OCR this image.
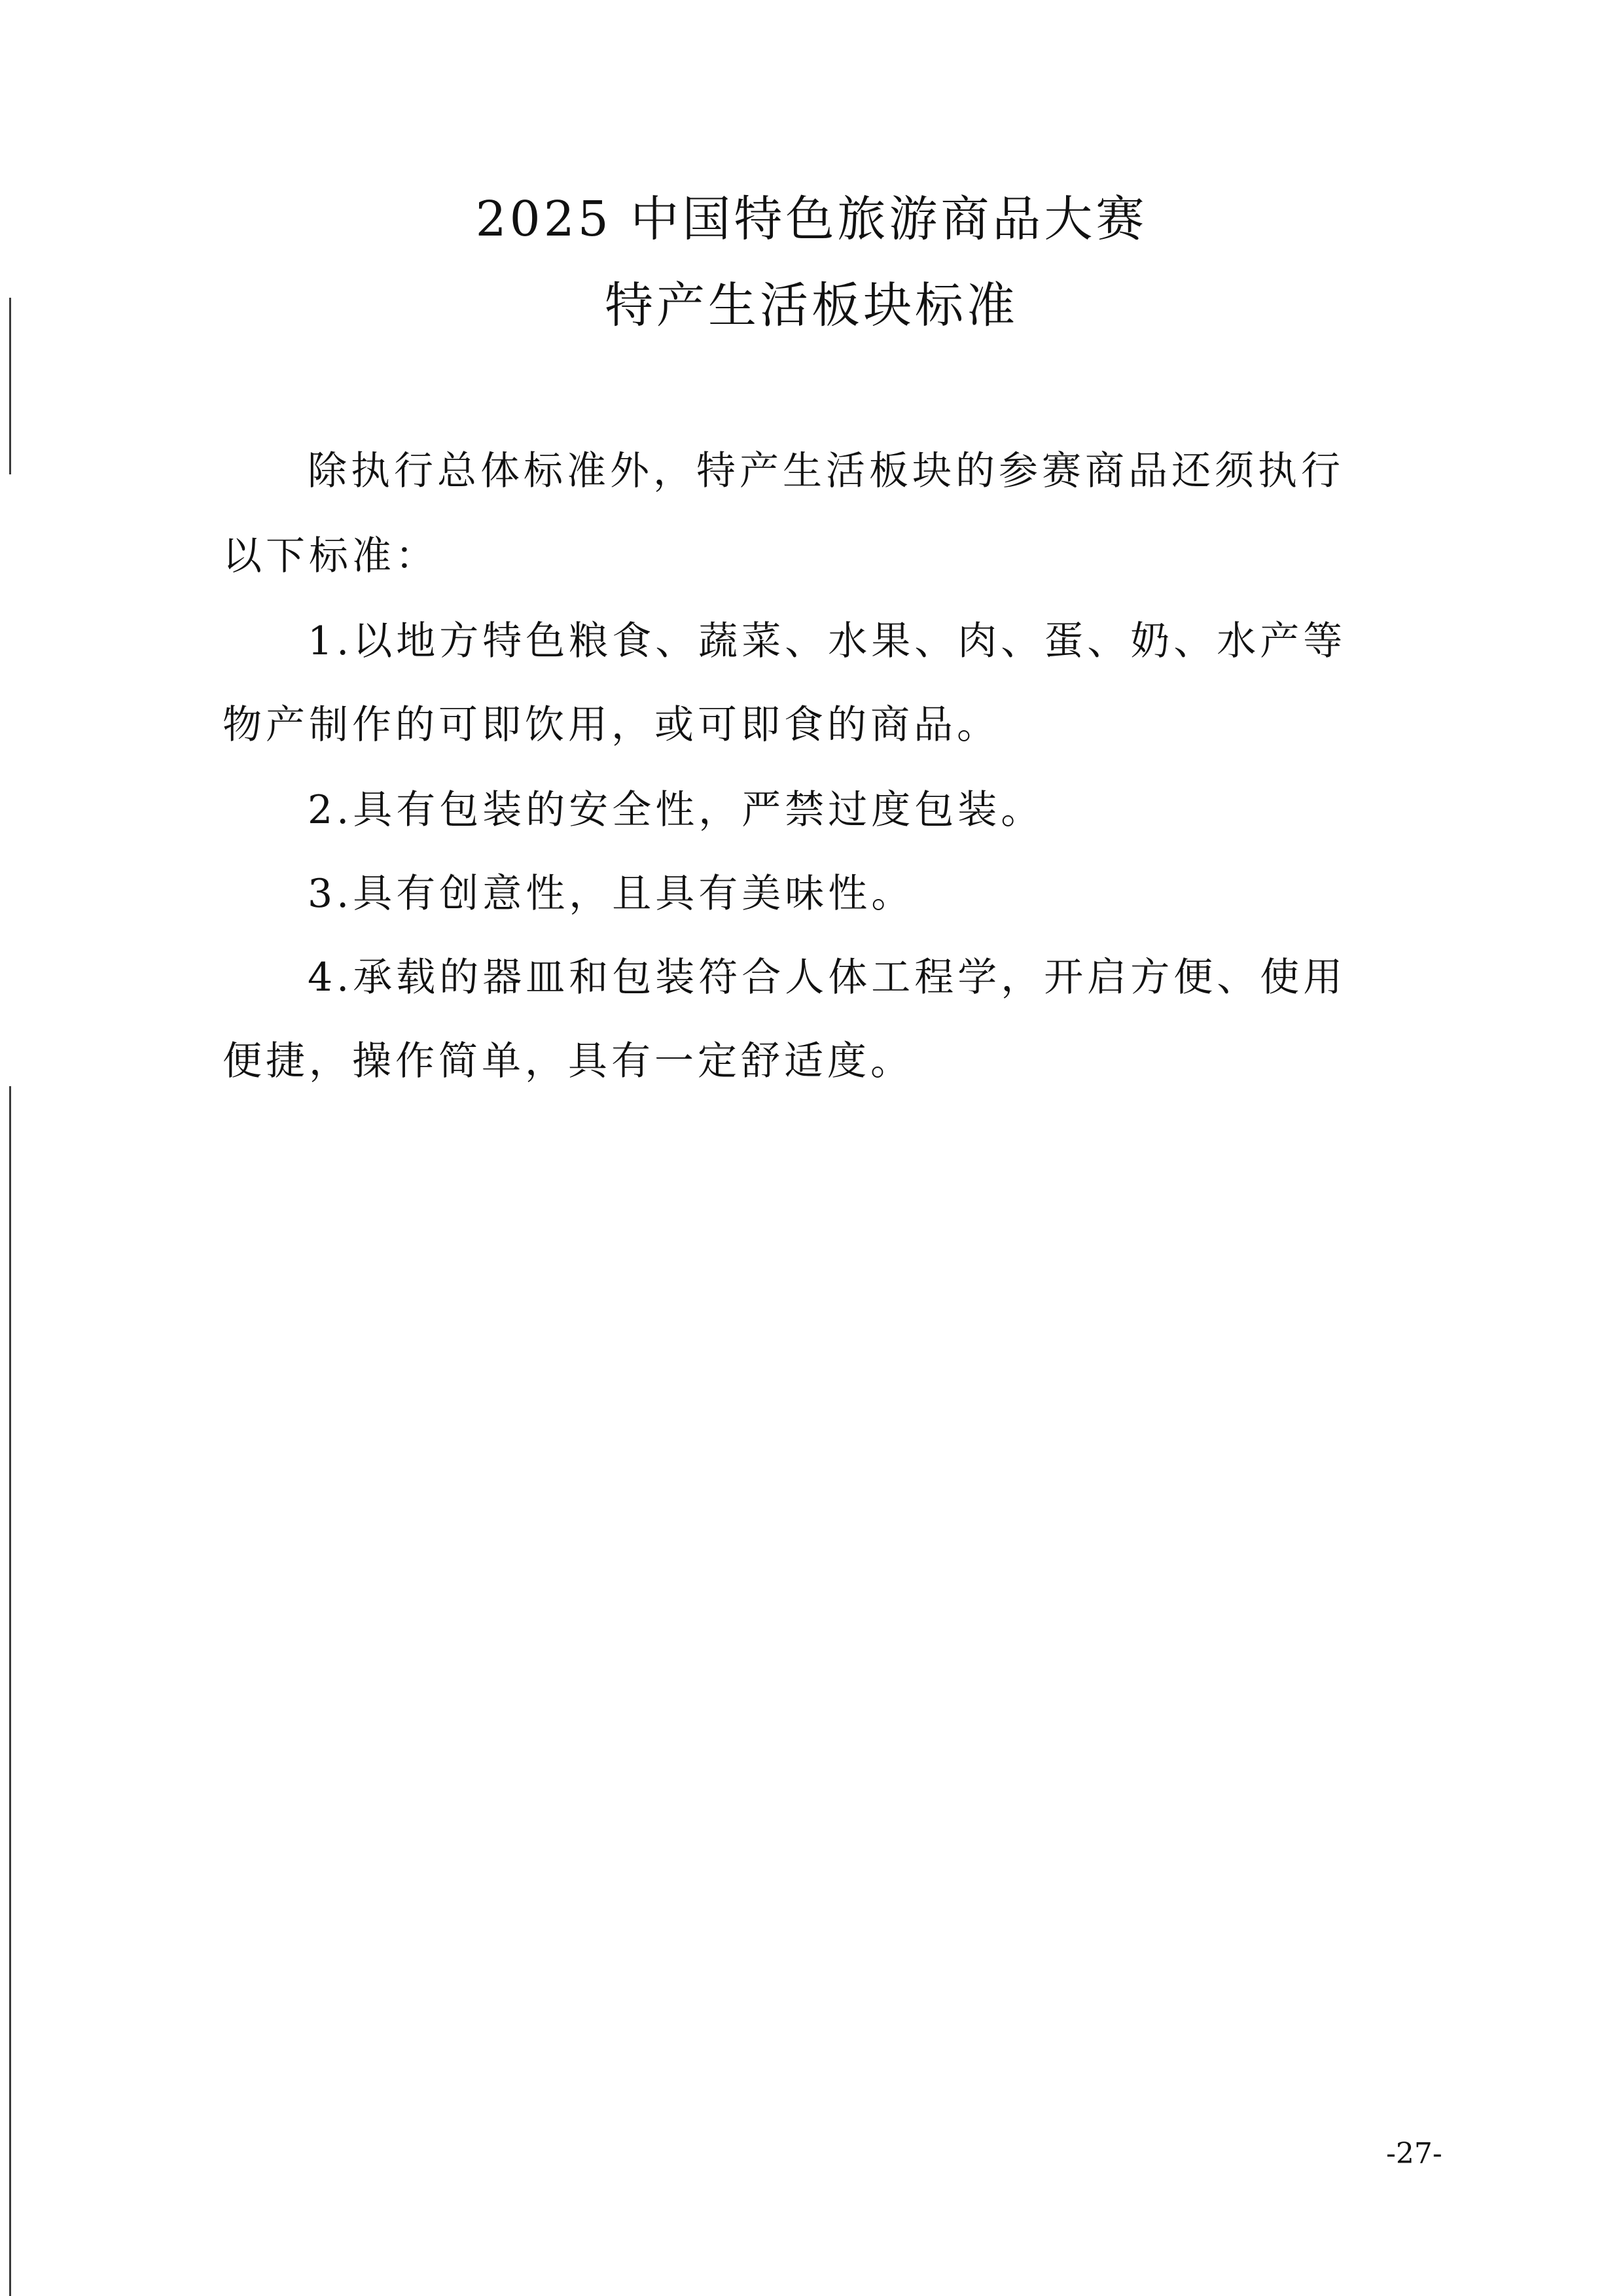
2025 中国特色旅游商品大赛
特产生活板块标准
除执行总体标准外，特产生活板块的参赛商品还须执行
以下标准：
1.以地方特色粮食、蔬菜、水果、肉、蛋、奶、水产等
物产制作的可即饮用，或可即食的商品。
2.具有包装的安全性，严禁过度包装。
3.具有创意性，且具有美味性。
4.承载的器皿和包装符合人体工程学，开启方便、使用
便捷，操作简单，具有一定舒适度。
-27-
